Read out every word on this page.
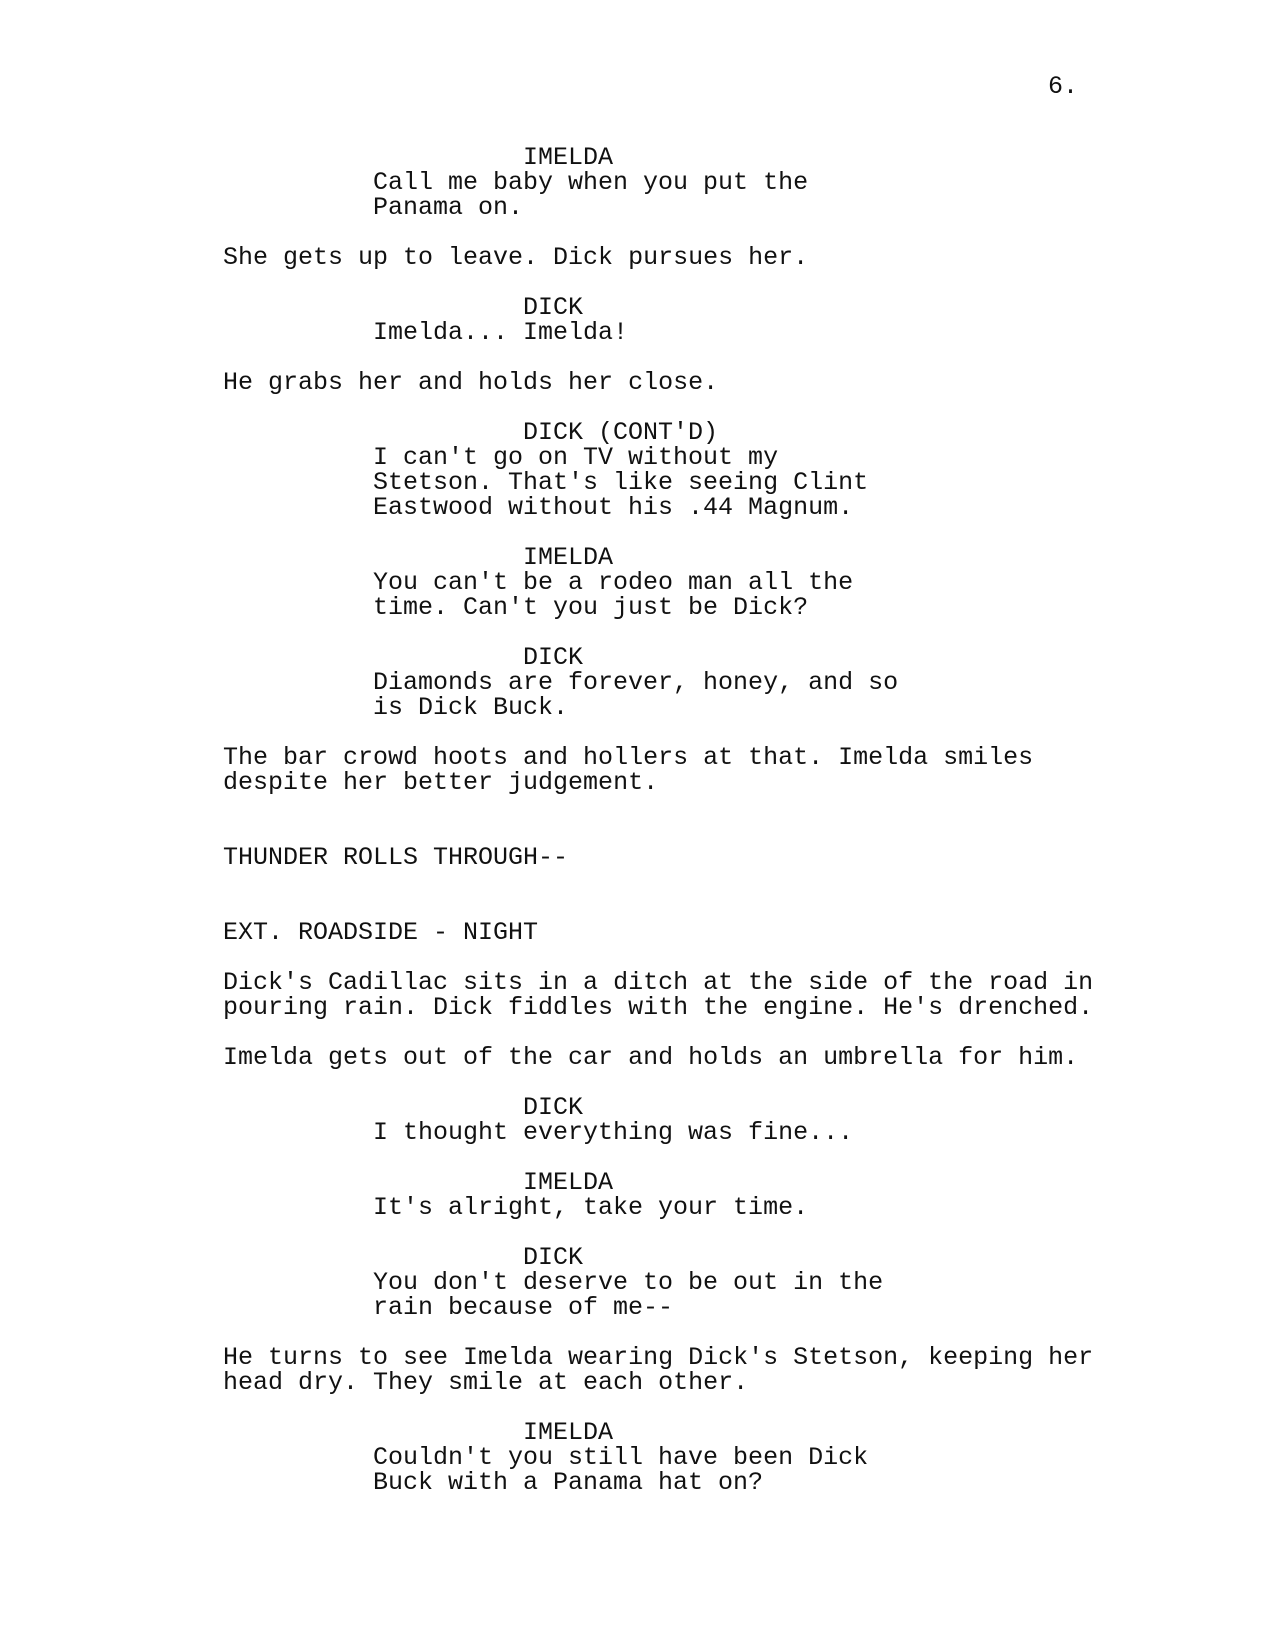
6.
IMELDA
Call me baby when you put the
Panama on.
She gets up to leave. Dick pursues her.
DICK
Imelda... Imelda!
He grabs her and holds her close.
DICK (CONT'D)
I can't go on TV without my
Stetson. That's like seeing Clint
Eastwood without his .44 Magnum.
IMELDA
You can't be a rodeo man all the
time. Can't you just be Dick?
DICK
Diamonds are forever, honey, and so
is Dick Buck.
The bar crowd hoots and hollers at that. Imelda smiles
despite her better judgement.
THUNDER ROLLS THROUGH--
EXT. ROADSIDE - NIGHT
Dick's Cadillac sits in a ditch at the side of the road in
pouring rain. Dick fiddles with the engine. He's drenched.
Imelda gets out of the car and holds an umbrella for him.
DICK
I thought everything was fine...
IMELDA
It's alright, take your time.
DICK
You don't deserve to be out in the
rain because of me--
He turns to see Imelda wearing Dick's Stetson, keeping her
head dry. They smile at each other.
IMELDA
Couldn't you still have been Dick
Buck with a Panama hat on?
